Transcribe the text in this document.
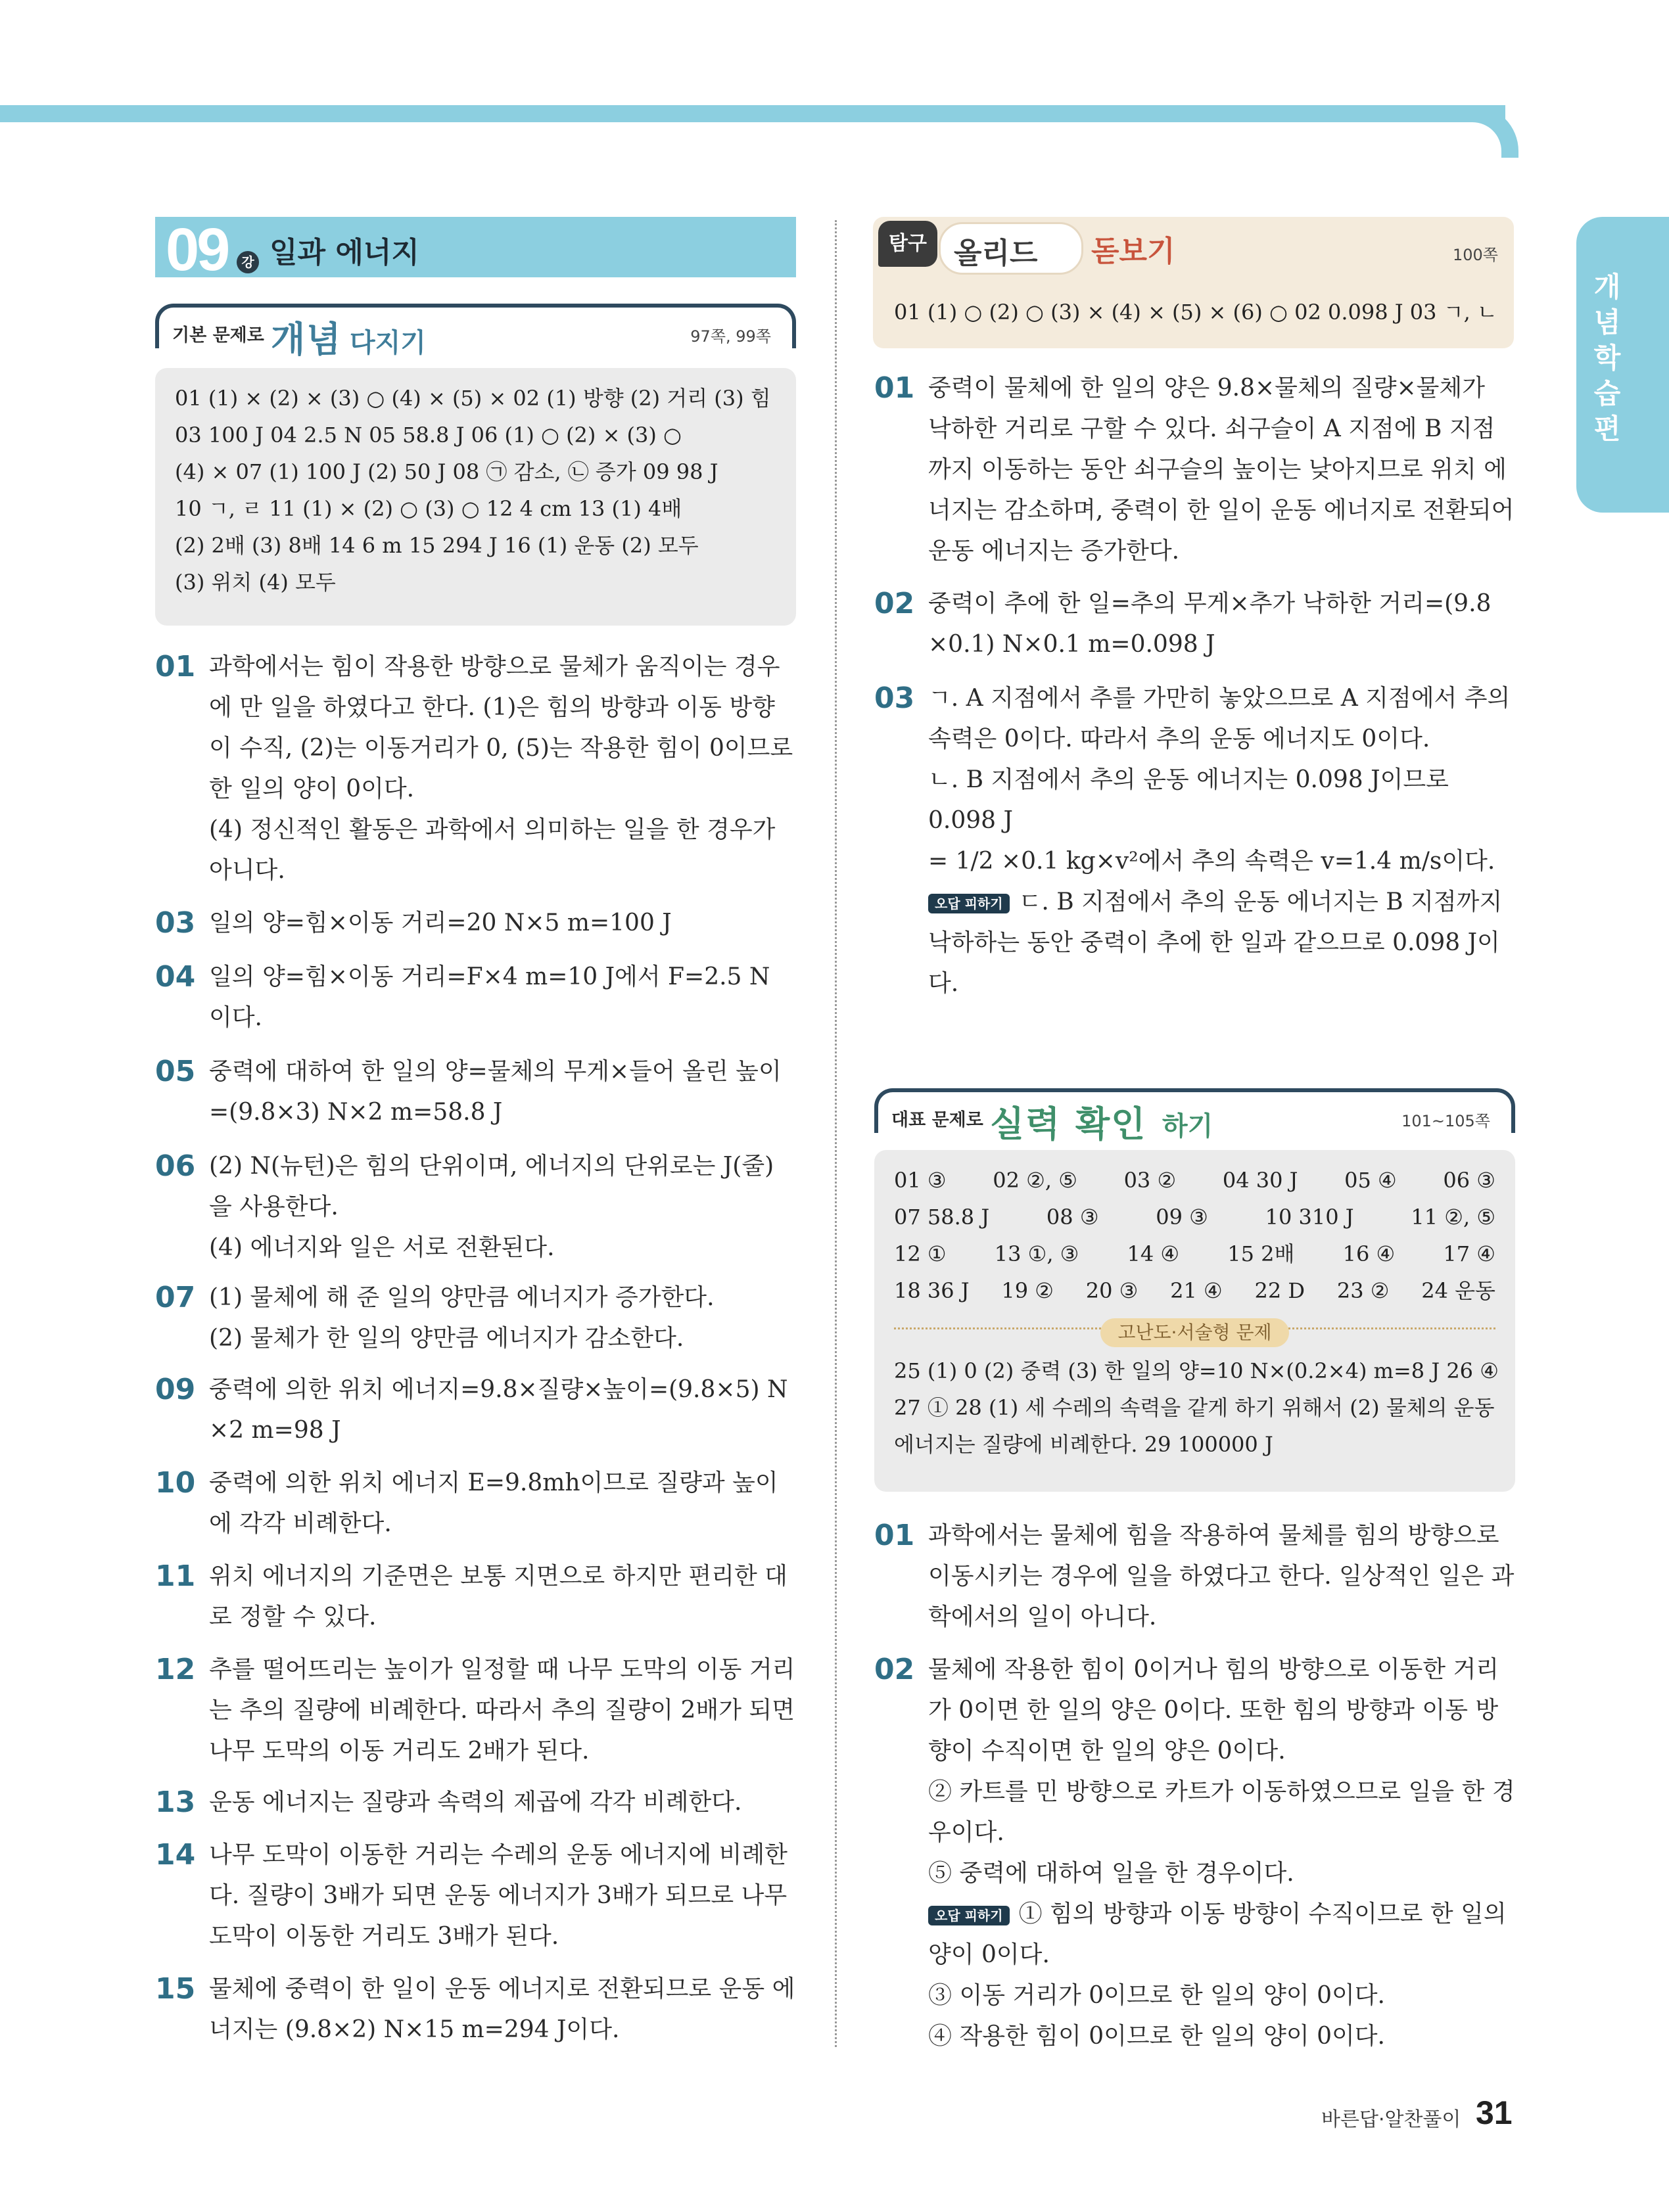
개념학습편
09	강 일과 에너지
기본 문제로 개념 다지기	97쪽, 99쪽
01 (1) × (2) × (3) ○ (4) × (5) × 02 (1) 방향 (2) 거리 (3) 힘
03 100 J 04 2.5 N 05 58.8 J 06 (1) ○ (2) × (3) ○
(4) × 07 (1) 100 J (2) 50 J 08 ㉠ 감소, ㉡ 증가 09 98 J
10 ㄱ, ㄹ 11 (1) × (2) ○ (3) ○ 12 4 cm 13 (1) 4배
(2) 2배 (3) 8배 14 6 m 15 294 J 16 (1) 운동 (2) 모두
(3) 위치 (4) 모두
01 과학에서는 힘이 작용한 방향으로 물체가 움직이는 경우에 만 일을 하였다고 한다. (1)은 힘의 방향과 이동 방향이 수직, (2)는 이동거리가 0, (5)는 작용한 힘이 0이므로 한 일의 양이 0이다.

(4) 정신적인 활동은 과학에서 의미하는 일을 한 경우가 아니다.

03 일의 양=힘×이동 거리=20 N×5 m=100 J

04 일의 양=힘×이동 거리=F×4 m=10 J에서 F=2.5 N 이다.

05 중력에 대하여 한 일의 양=물체의 무게×들어 올린 높이 =(9.8×3) N×2 m=58.8 J

06 (2) N(뉴턴)은 힘의 단위이며, 에너지의 단위로는 J(줄)을 사용한다.

(4) 에너지와 일은 서로 전환된다.

07 (1) 물체에 해 준 일의 양만큼 에너지가 증가한다.

(2) 물체가 한 일의 양만큼 에너지가 감소한다.

09 중력에 의한 위치 에너지=9.8×질량×높이=(9.8×5) N ×2 m=98 J

10 중력에 의한 위치 에너지 E=9.8mh이므로 질량과 높이에 각각 비례한다.

11 위치 에너지의 기준면은 보통 지면으로 하지만 편리한 대로 정할 수 있다.

12 추를 떨어뜨리는 높이가 일정할 때 나무 도막의 이동 거리는 추의 질량에 비례한다. 따라서 추의 질량이 2배가 되면 나무 도막의 이동 거리도 2배가 된다.

13 운동 에너지는 질량과 속력의 제곱에 각각 비례한다.

14 나무 도막이 이동한 거리는 수레의 운동 에너지에 비례한다. 질량이 3배가 되면 운동 에너지가 3배가 되므로 나무 도막이 이동한 거리도 3배가 된다.

15 물체에 중력이 한 일이 운동 에너지로 전환되므로 운동 에너지는 (9.8×2) N×15 m=294 J이다.

탐구 올리드 돋보기	100쪽
01 (1) ○ (2) ○ (3) × (4) × (5) × (6) ○ 02 0.098 J 03 ㄱ, ㄴ
01 중력이 물체에 한 일의 양은 9.8×물체의 질량×물체가 낙하한 거리로 구할 수 있다. 쇠구슬이 A 지점에 B 지점까지 이동하는 동안 쇠구슬의 높이는 낮아지므로 위치 에너지는 감소하며, 중력이 한 일이 운동 에너지로 전환되어 운동 에너지는 증가한다.

02 중력이 추에 한 일=추의 무게×추가 낙하한 거리=(9.8 ×0.1) N×0.1 m=0.098 J

03 ㄱ. A 지점에서 추를 가만히 놓았으므로 A 지점에서 추의 속력은 0이다. 따라서 추의 운동 에너지도 0이다.

ㄴ. B 지점에서 추의 운동 에너지는 0.098 J이므로 0.098 J

= 1/2 ×0.1 kg×v²에서 추의 속력은 v=1.4 m/s이다.

오답 피하기 ㄷ. B 지점에서 추의 운동 에너지는 B 지점까지 낙하하는 동안 중력이 추에 한 일과 같으므로 0.098 J이다.

대표 문제로 실력 확인 하기	101~105쪽
01 ③ 02 ②, ⑤ 03 ② 04 30 J 05 ④ 06 ③
07 58.8 J	08 ③	09 ③	10 310 J	11 ②, ⑤
12 ① 13 ①, ③ 14 ④ 15 2배 16 ④ 17 ④
18 36 J 19 ② 20 ③ 21 ④ 22 D 23 ② 24 운동
고난도·서술형 문제
25 (1) 0 (2) 중력 (3) 한 일의 양=10 N×(0.2×4) m=8 J 26 ④
27 ① 28 (1) 세 수레의 속력을 같게 하기 위해서 (2) 물체의 운동
에너지는 질량에 비례한다. 29 100000 J
01 과학에서는 물체에 힘을 작용하여 물체를 힘의 방향으로 이동시키는 경우에 일을 하였다고 한다. 일상적인 일은 과학에서의 일이 아니다.

02 물체에 작용한 힘이 0이거나 힘의 방향으로 이동한 거리가 0이면 한 일의 양은 0이다. 또한 힘의 방향과 이동 방향이 수직이면 한 일의 양은 0이다.

② 카트를 민 방향으로 카트가 이동하였으므로 일을 한 경우이다.

⑤ 중력에 대하여 일을 한 경우이다.

오답 피하기 ① 힘의 방향과 이동 방향이 수직이므로 한 일의 양이 0이다.

③ 이동 거리가 0이므로 한 일의 양이 0이다.

④ 작용한 힘이 0이므로 한 일의 양이 0이다.

바른답·알찬풀이 31
